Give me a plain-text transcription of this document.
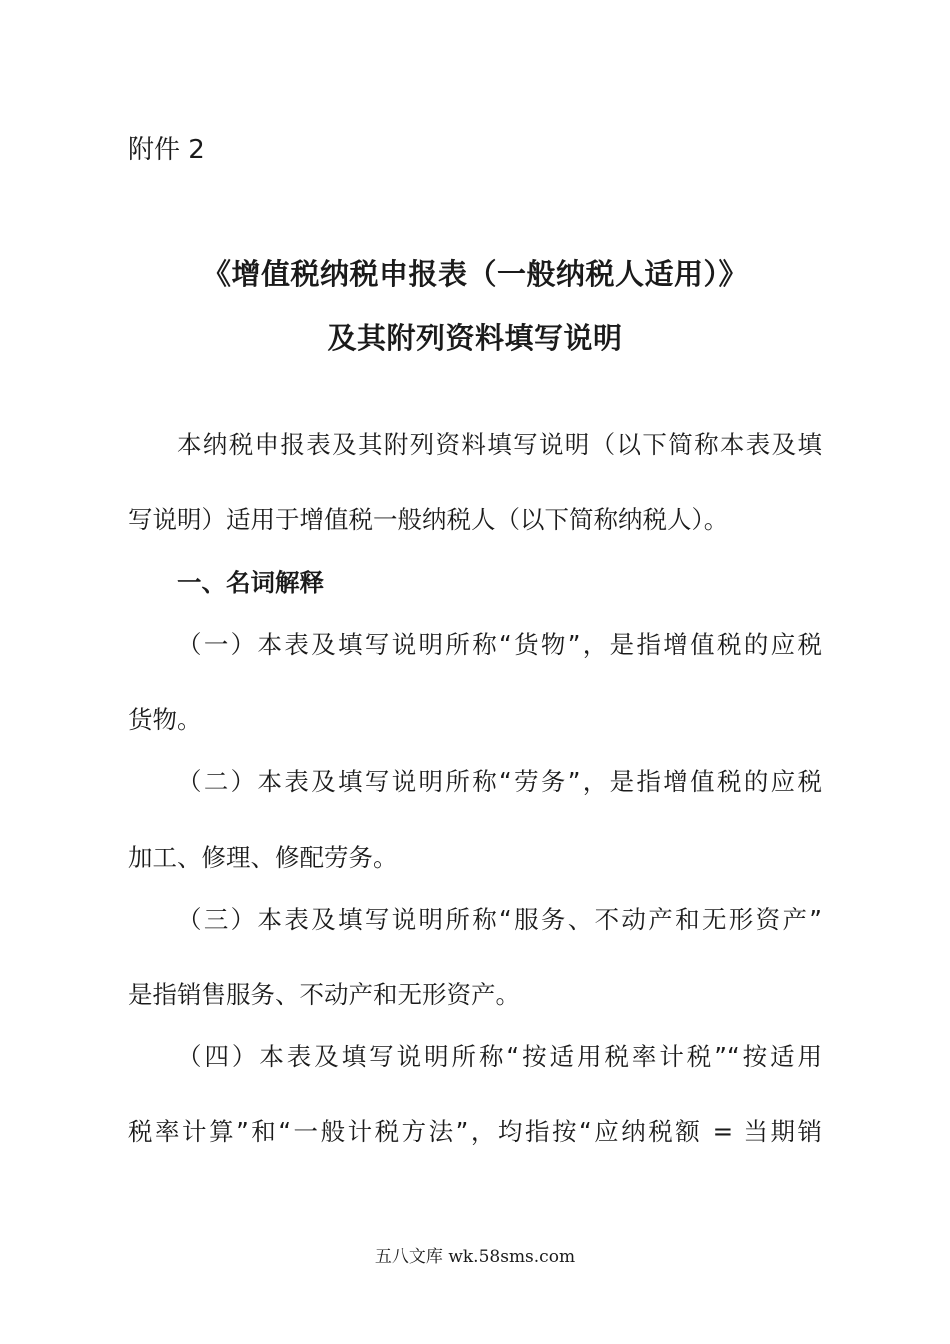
附件 2
《增值税纳税申报表（一般纳税人适用）》
及其附列资料填写说明
本纳税申报表及其附列资料填写说明（以下简称本表及填
写说明）适用于增值税一般纳税人（以下简称纳税人）。
一、名词解释
（一）本表及填写说明所称“货物”，是指增值税的应税
货物。
（二）本表及填写说明所称“劳务”，是指增值税的应税
加工、修理、修配劳务。
（三）本表及填写说明所称“服务、不动产和无形资产”
是指销售服务、不动产和无形资产。
（四）本表及填写说明所称“按适用税率计税”“按适用
税率计算”和“一般计税方法”，均指按“应纳税额 = 当期销
五八文库 wk.58sms.com
